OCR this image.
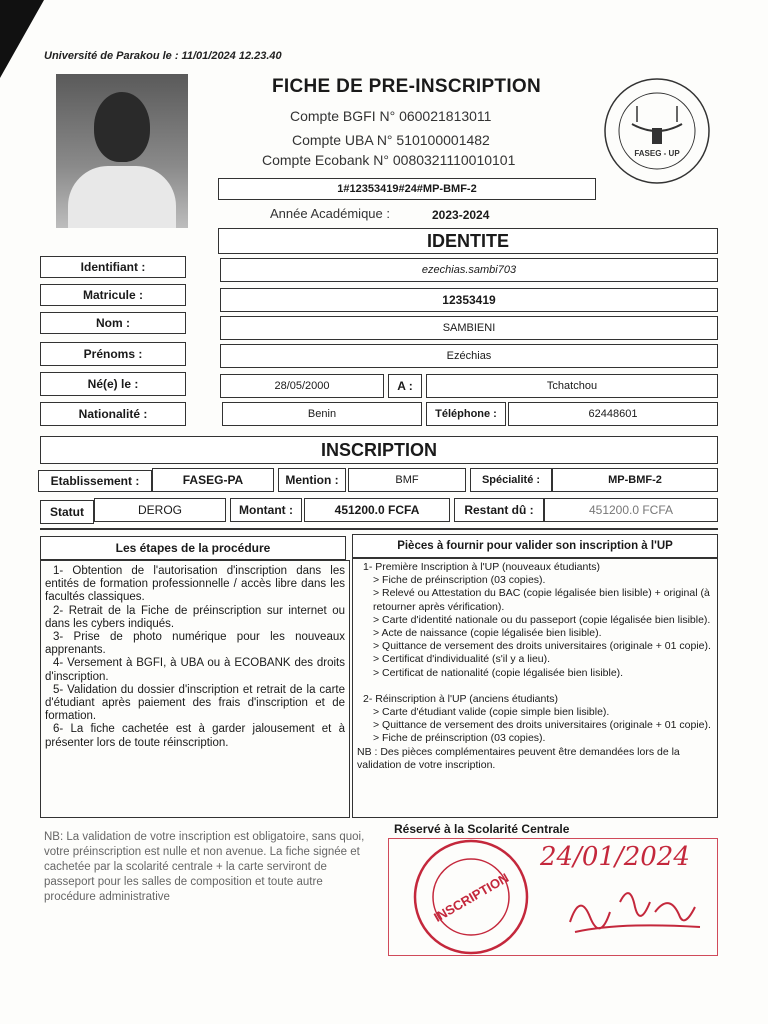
Université de Parakou le : 11/01/2024 12.23.40
FICHE DE PRE-INSCRIPTION
Compte BGFI N° 060021813011
Compte UBA N° 510100001482
Compte Ecobank N° 0080321110010101	FASEG - UP
1#12353419#24#MP-BMF-2
Année Académique :	2023-2024
IDENTITE
Identifiant :	ezechias.sambi703
Matricule :	12353419
Nom :	SAMBIENI
Prénoms :	Ezéchias
Né(e) le :	28/05/2000	A :	Tchatchou
Nationalité :	Benin	Téléphone :	62448601
INSCRIPTION
Etablissement :	FASEG-PA	Mention :	BMF	Spécialité :	MP-BMF-2
Statut	DEROG	Montant :	451200.0 FCFA	Restant dû :	451200.0 FCFA
Les étapes de la procédure	Pièces à fournir pour valider son inscription à l'UP

1- Obtention de l'autorisation d'inscription dans les entités de formation professionnelle / accès libre dans les facultés classiques.

2- Retrait de la Fiche de préinscription sur internet ou dans les cybers indiqués.

3- Prise de photo numérique pour les nouveaux apprenants.

4- Versement à BGFI, à UBA ou à ECOBANK des droits d'inscription.

5- Validation du dossier d'inscription et retrait de la carte d'étudiant après paiement des frais d'inscription et de formation.

6- La fiche cachetée est à garder jalousement et à présenter lors de toute réinscription.

1- Première Inscription à l'UP (nouveaux étudiants)

> Fiche de préinscription (03 copies).

> Relevé ou Attestation du BAC (copie légalisée bien lisible) + original (à retourner après vérification).

> Carte d'identité nationale ou du passeport (copie légalisée bien lisible).

> Acte de naissance (copie légalisée bien lisible).

> Quittance de versement des droits universitaires (originale + 01 copie).

> Certificat d'individualité (s'il y a lieu).

> Certificat de nationalité (copie légalisée bien lisible).

2- Réinscription à l'UP (anciens étudiants)

> Carte d'étudiant valide (copie simple bien lisible).

> Quittance de versement des droits universitaires (originale + 01 copie).

> Fiche de préinscription (03 copies).

NB : Des pièces complémentaires peuvent être demandées lors de la validation de votre inscription.

NB: La validation de votre inscription est obligatoire, sans quoi, votre préinscription est nulle et non avenue. La fiche signée et cachetée par la scolarité centrale + la carte serviront de passeport pour les salles de composition et toute autre procédure administrative
Réservé à la Scolarité Centrale
INSCRIPTION
24/01/2024
